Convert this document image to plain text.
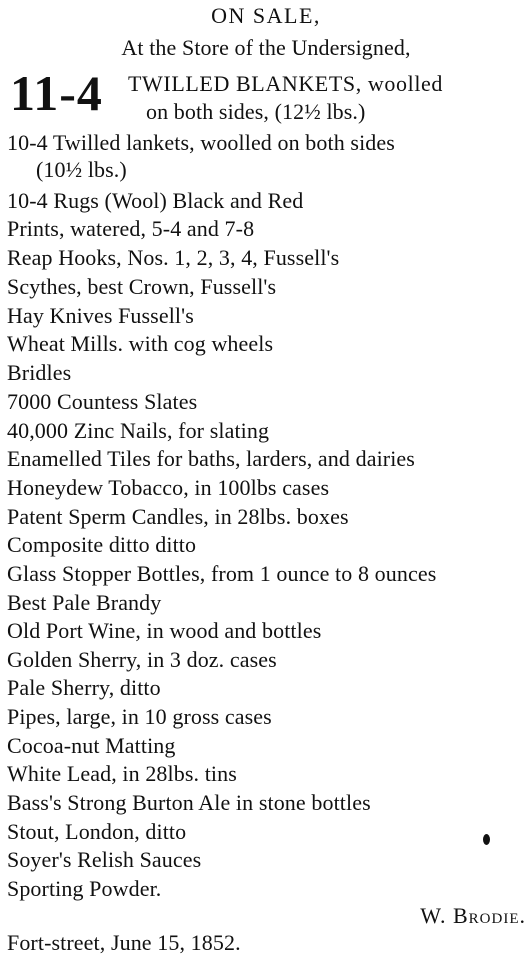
ON SALE,
At the Store of the Undersigned,
11-4 TWILLED BLANKETS, woolled
on both sides, (12½ lbs.)
10-4 Twilled lankets, woolled on both sides
(10½ lbs.)
10-4 Rugs (Wool) Black and Red
Prints, watered, 5-4 and 7-8
Reap Hooks, Nos. 1, 2, 3, 4, Fussell's
Scythes, best Crown, Fussell's
Hay Knives Fussell's
Wheat Mills. with cog wheels
Bridles
7000 Countess Slates
40,000 Zinc Nails, for slating
Enamelled Tiles for baths, larders, and dairies
Honeydew Tobacco, in 100lbs cases
Patent Sperm Candles, in 28lbs. boxes
Composite ditto ditto
Glass Stopper Bottles, from 1 ounce to 8 ounces
Best Pale Brandy
Old Port Wine, in wood and bottles
Golden Sherry, in 3 doz. cases
Pale Sherry, ditto
Pipes, large, in 10 gross cases
Cocoa-nut Matting
White Lead, in 28lbs. tins
Bass's Strong Burton Ale in stone bottles
Stout, London, ditto
Soyer's Relish Sauces
Sporting Powder.
W. Brodie.
Fort-street, June 15, 1852.
